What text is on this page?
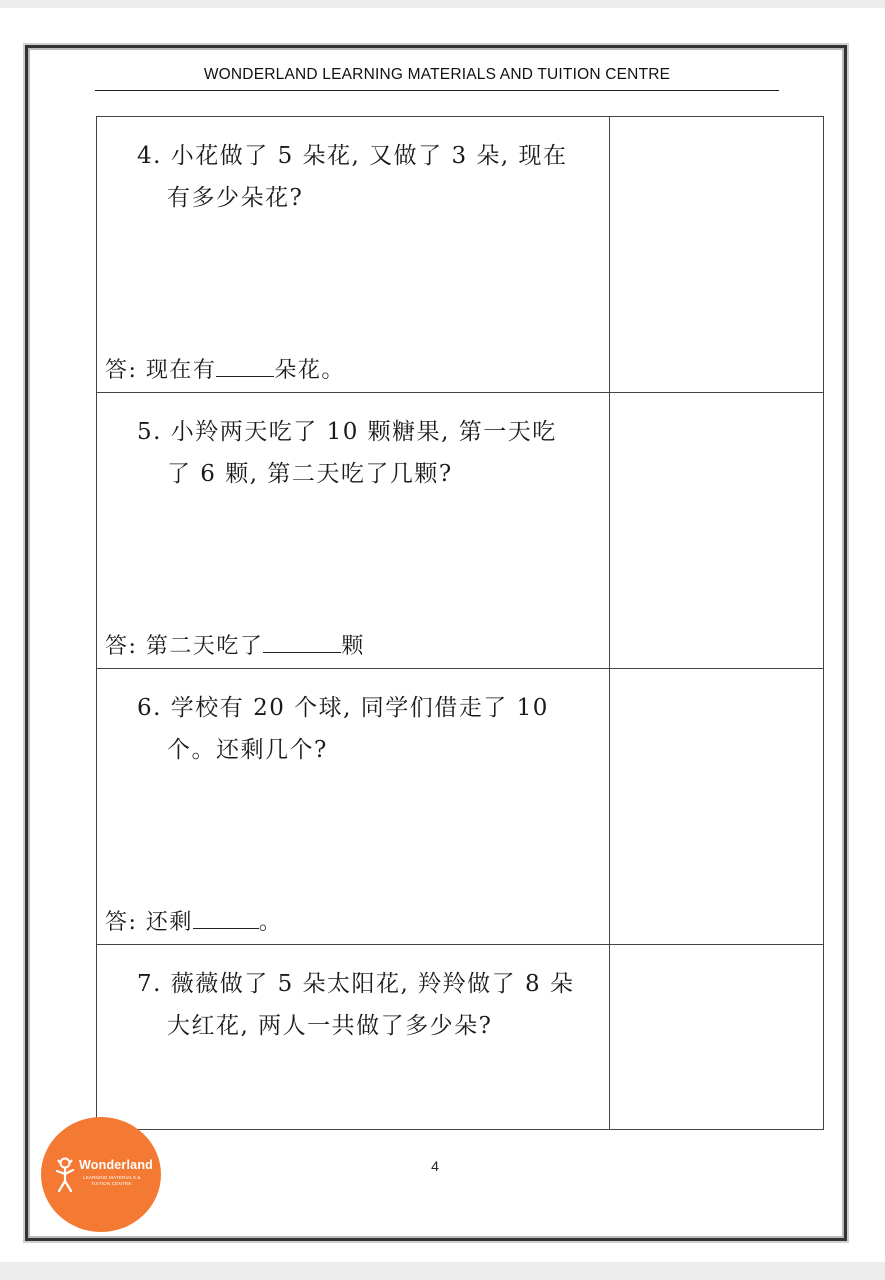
WONDERLAND LEARNING MATERIALS AND TUITION CENTRE
4. 小花做了 5 朵花, 又做了 3 朵, 现在
有多少朵花?
答: 现在有 朵花。	

5. 小羚两天吃了 10 颗糖果, 第一天吃
了 6 颗, 第二天吃了几颗?
答: 第二天吃了 颗	

6. 学校有 20 个球, 同学们借走了 10
个。还剩几个?
答: 还剩 。	

7. 薇薇做了 5 朵太阳花, 羚羚做了 8 朵
大红花, 两人一共做了多少朵?	

Wonderland
LEARNING MATERIALS &
TUITION CENTRE
4
